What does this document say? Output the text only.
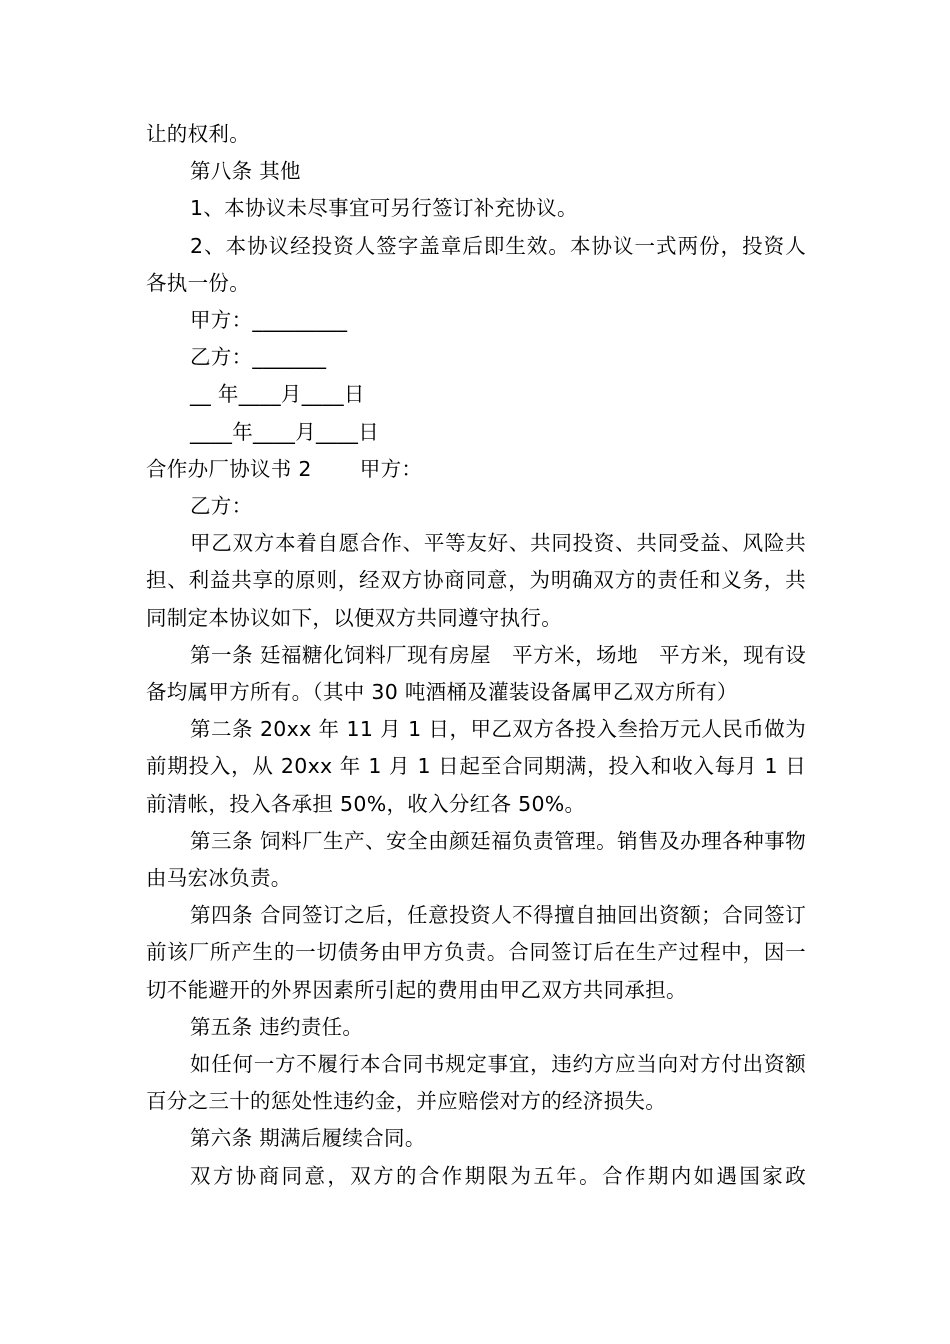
让的权利。

第八条 其他

1、本协议未尽事宜可另行签订补充协议。

2、本协议经投资人签字盖章后即生效。本协议一式两份，投资人各执一份。

甲方：_________

乙方：_______

__ 年____月____日

____年____月____日

合作办厂协议书 2 甲方：

乙方：

甲乙双方本着自愿合作、平等友好、共同投资、共同受益、风险共担、利益共享的原则，经双方协商同意，为明确双方的责任和义务，共同制定本协议如下，以便双方共同遵守执行。

第一条 廷福糖化饲料厂现有房屋　平方米，场地　平方米，现有设备均属甲方所有。（其中 30 吨酒桶及灌装设备属甲乙双方所有）

第二条 20xx 年 11 月 1 日，甲乙双方各投入叁拾万元人民币做为前期投入，从 20xx 年 1 月 1 日起至合同期满，投入和收入每月 1 日前清帐，投入各承担 50%，收入分红各 50%。

第三条 饲料厂生产、安全由颜廷福负责管理。销售及办理各种事物由马宏冰负责。

第四条 合同签订之后，任意投资人不得擅自抽回出资额；合同签订前该厂所产生的一切债务由甲方负责。合同签订后在生产过程中，因一切不能避开的外界因素所引起的费用由甲乙双方共同承担。

第五条 违约责任。

如任何一方不履行本合同书规定事宜，违约方应当向对方付出资额百分之三十的惩处性违约金，并应赔偿对方的经济损失。

第六条 期满后履续合同。

双方协商同意，双方的合作期限为五年。合作期内如遇国家政
